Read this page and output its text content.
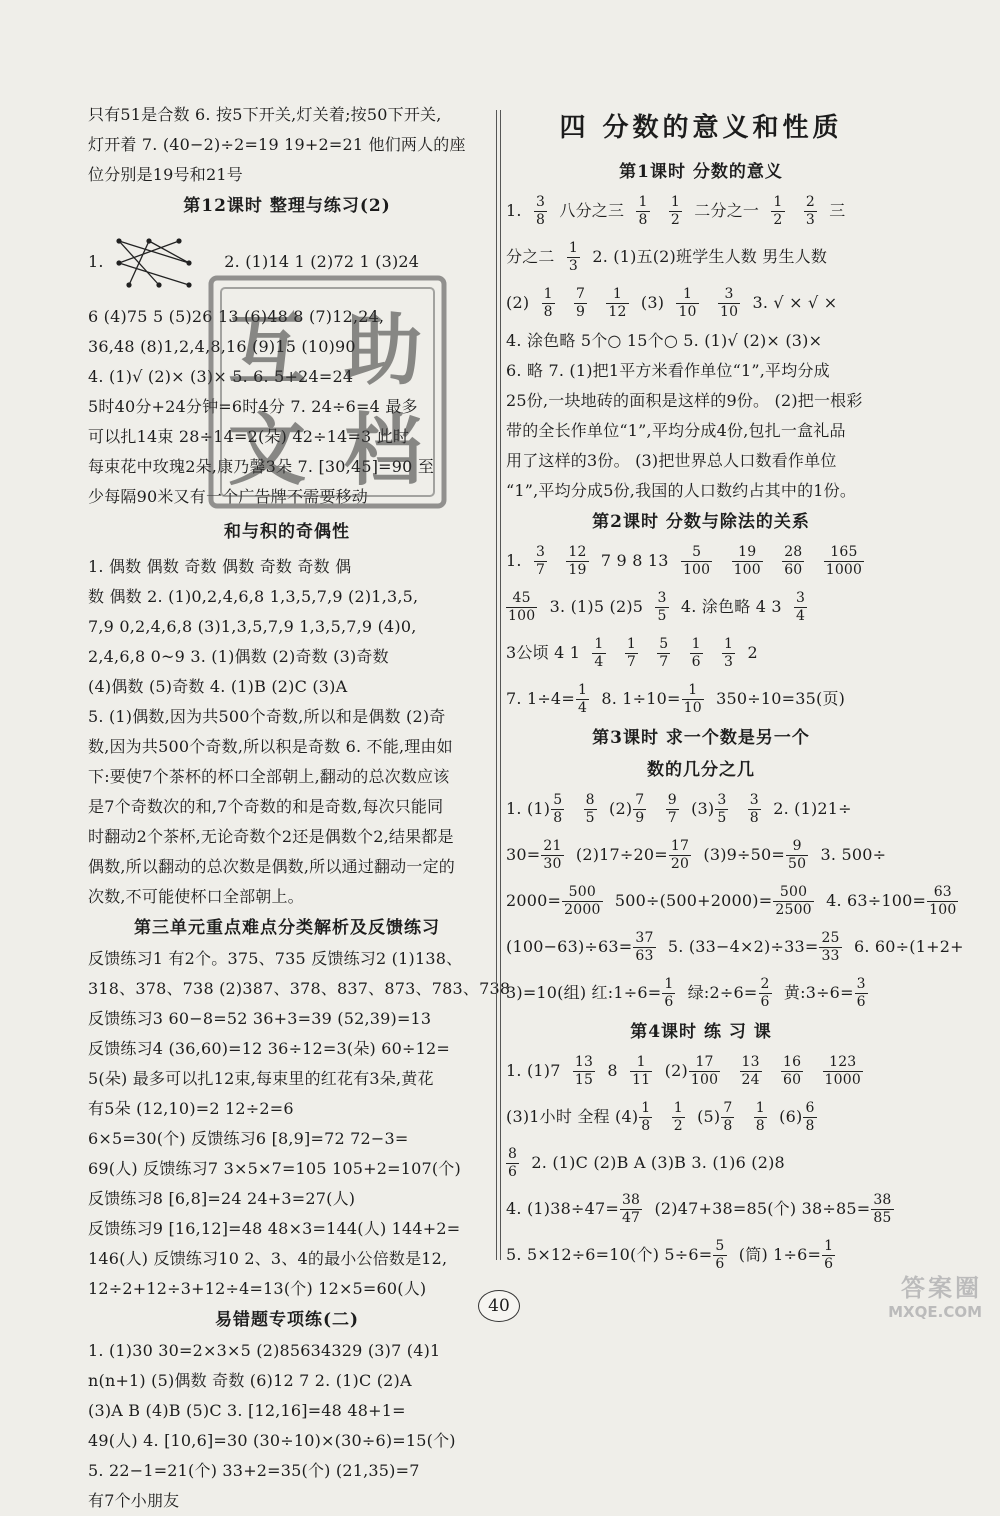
只有51是合数 6. 按5下开关,灯关着;按50下开关,
灯开着 7. (40−2)÷2=19 19+2=21 他们两人的座
位分别是19号和21号
第12课时 整理与练习(2)
1.	2. (1)14 1 (2)72 1 (3)24
6 (4)75 5 (5)26 13 (6)48 8 (7)12,24,
36,48 (8)1,2,4,8,16 (9)15 (10)90
4. (1)√ (2)× (3)× 5. 6. 5+24=24
5时40分+24分钟=6时4分 7. 24÷6=4 最多
可以扎14束 28÷14=2(朵) 42÷14=3 此时
每束花中玫瑰2朵,康乃馨3朵 7. [30,45]=90 至
少每隔90米又有一个广告牌不需要移动
和与积的奇偶性
1. 偶数 偶数 奇数 偶数 奇数 奇数 偶
数 偶数 2. (1)0,2,4,6,8 1,3,5,7,9 (2)1,3,5,
7,9 0,2,4,6,8 (3)1,3,5,7,9 1,3,5,7,9 (4)0,
2,4,6,8 0~9 3. (1)偶数 (2)奇数 (3)奇数
(4)偶数 (5)奇数 4. (1)B (2)C (3)A
5. (1)偶数,因为共500个奇数,所以和是偶数 (2)奇
数,因为共500个奇数,所以积是奇数 6. 不能,理由如
下:要使7个茶杯的杯口全部朝上,翻动的总次数应该
是7个奇数次的和,7个奇数的和是奇数,每次只能同
时翻动2个茶杯,无论奇数个2还是偶数个2,结果都是
偶数,所以翻动的总次数是偶数,所以通过翻动一定的
次数,不可能使杯口全部朝上。
第三单元重点难点分类解析及反馈练习
反馈练习1 有2个。375、735 反馈练习2 (1)138、
318、378、738 (2)387、378、837、873、783、738
反馈练习3 60−8=52 36+3=39 (52,39)=13
反馈练习4 (36,60)=12 36÷12=3(朵) 60÷12=
5(朵) 最多可以扎12束,每束里的红花有3朵,黄花
有5朵 (12,10)=2 12÷2=6
6×5=30(个) 反馈练习6 [8,9]=72 72−3=
69(人) 反馈练习7 3×5×7=105 105+2=107(个)
反馈练习8 [6,8]=24 24+3=27(人)
反馈练习9 [16,12]=48 48×3=144(人) 144+2=
146(人) 反馈练习10 2、3、4的最小公倍数是12,
12÷2+12÷3+12÷4=13(个) 12×5=60(人)
易错题专项练(二)
1. (1)30 30=2×3×5 (2)85634329 (3)7 (4)1
n(n+1) (5)偶数 奇数 (6)12 7 2. (1)C (2)A
(3)A B (4)B (5)C 3. [12,16]=48 48+1=
49(人) 4. [10,6]=30 (30÷10)×(30÷6)=15(个)
5. 22−1=21(个) 33+2=35(个) (21,35)=7
有7个小朋友
四 分数的意义和性质
第1课时 分数的意义
1. $\frac{3}{8}$ 八分之三 $\frac{1}{8}$
$\frac{1}{2}$ 二分之一 $\frac{1}{2}$
$\frac{2}{3}$ 三
分之二 $\frac{1}{3} 2$. (1)五(2)班学生人数 男生人数
$(2) \frac{1}{8}$
$\frac{7}{9}$
$\frac{1}{12} (3) \frac{1}{10}$
$\frac{3}{10} 3$. √ × √ ×
4. 涂色略 5个○ 15个○ 5. (1)√ (2)× (3)×
6. 略 7. (1)把1平方米看作单位“1”,平均分成
25份,一块地砖的面积是这样的9份。 (2)把一根彩
带的全长作单位“1”,平均分成4份,包扎一盒礼品
用了这样的3份。 (3)把世界总人口数看作单位
“1”,平均分成5份,我国的人口数约占其中的1份。
第2课时 分数与除法的关系
1. $\frac{3}{7}$
$\frac{12}{19} 7$ 9 8 $13 \frac{5}{100}$
$\frac{19}{100}$
$\frac{28}{60}$
$\frac{165}{1000}$
$\frac{45}{100} 3$. (1)5 $(2)5 \frac{3}{5} 4$. 涂色略 4 $3 \frac{3}{4}$
3公顷 4 $1 \frac{1}{4}$
$\frac{1}{7}$
$\frac{5}{7}$
$\frac{1}{6}$
$\frac{1}{3} 2$
7. $1\div 4= \frac{1}{4} 8$. $1\div 10= \frac{1}{10} 350\div 10=35$(页)
第3课时 求一个数是另一个
数的几分之几
1. $(1) \frac{5}{8}$
$\frac{8}{5} (2) \frac{7}{9}$
$\frac{9}{7} (3) \frac{3}{5}$
$\frac{3}{8} 2$. (1)21÷
$30= \frac{21}{30} (2)17\div 20= \frac{17}{20} (3)9\div 50= \frac{9}{50} 3$. 500÷
$2000= \frac{500}{2000} 500\div(500+2000)= \frac{500}{2500} 4$. $63\div 100= \frac{63}{100}$
$(100-63)\div 63= \frac{37}{63} 5$. $(33-4\times 2)\div 33= \frac{25}{33} 6$. 60÷(1+2+
3)=10(组) 红:1÷6= $\frac{1}{6}$ 绿:2÷6= $\frac{2}{6}$ 黄:3÷6= $\frac{3}{6}$
第4课时 练 习 课
1. $(1)7 \frac{13}{15} 8 \frac{1}{11} (2) \frac{17}{100}$
$\frac{13}{24}$
$\frac{16}{60}$
$\frac{123}{1000}$
(3)1小时 全程 $(4) \frac{1}{8}$
$\frac{1}{2} (5) \frac{7}{8}$
$\frac{1}{8} (6) \frac{6}{8}$
$\frac{8}{6} 2$. (1)C (2)B A (3)B 3. (1)6 (2)8
4. $(1)38\div 47= \frac{38}{47} (2)47+38=85$(个) $38\div 85= \frac{38}{85}$
5. 5×12÷6=10(个) $5\div 6= \frac{5}{6}$ (筒) $1\div 6= \frac{1}{6}$
互 助
文 档
40
答案圈
MXQE.COM
